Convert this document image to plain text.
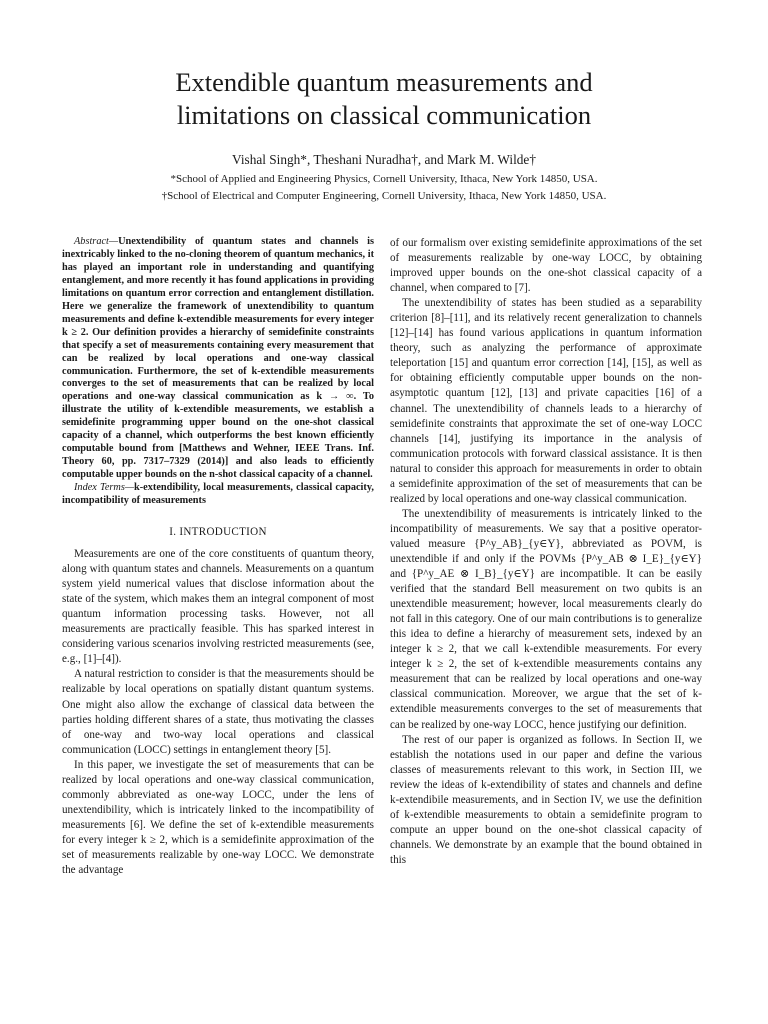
Extendible quantum measurements and
limitations on classical communication
Vishal Singh*, Theshani Nuradha†, and Mark M. Wilde†
*School of Applied and Engineering Physics, Cornell University, Ithaca, New York 14850, USA.
†School of Electrical and Computer Engineering, Cornell University, Ithaca, New York 14850, USA.

Abstract—Unextendibility of quantum states and channels is inextricably linked to the no-cloning theorem of quantum mechanics, it has played an important role in understanding and quantifying entanglement, and more recently it has found applications in providing limitations on quantum error correction and entanglement distillation. Here we generalize the framework of unextendibility to quantum measurements and define k-extendible measurements for every integer k ≥ 2. Our definition provides a hierarchy of semidefinite constraints that specify a set of measurements containing every measurement that can be realized by local operations and one-way classical communication. Furthermore, the set of k-extendible measurements converges to the set of measurements that can be realized by local operations and one-way classical communication as k → ∞. To illustrate the utility of k-extendible measurements, we establish a semidefinite programming upper bound on the one-shot classical capacity of a channel, which outperforms the best known efficiently computable bound from [Matthews and Wehner, IEEE Trans. Inf. Theory 60, pp. 7317–7329 (2014)] and also leads to efficiently computable upper bounds on the n-shot classical capacity of a channel.

Index Terms—k-extendibility, local measurements, classical capacity, incompatibility of measurements

I. INTRODUCTION

Measurements are one of the core constituents of quantum theory, along with quantum states and channels. Measurements on a quantum system yield numerical values that disclose information about the state of the system, which makes them an integral component of most quantum information processing tasks. However, not all measurements are practically feasible. This has sparked interest in considering various scenarios involving restricted measurements (see, e.g., [1]–[4]).

A natural restriction to consider is that the measurements should be realizable by local operations on spatially distant quantum systems. One might also allow the exchange of classical data between the parties holding different shares of a state, thus motivating the classes of one-way and two-way local operations and classical communication (LOCC) settings in entanglement theory [5].

In this paper, we investigate the set of measurements that can be realized by local operations and one-way classical communication, commonly abbreviated as one-way LOCC, under the lens of unextendibility, which is intricately linked to the incompatibility of measurements [6]. We define the set of k-extendible measurements for every integer k ≥ 2, which is a semidefinite approximation of the set of measurements realizable by one-way LOCC. We demonstrate the advantage

of our formalism over existing semidefinite approximations of the set of measurements realizable by one-way LOCC, by obtaining improved upper bounds on the one-shot classical capacity of a channel, when compared to [7].

The unextendibility of states has been studied as a separability criterion [8]–[11], and its relatively recent generalization to channels [12]–[14] has found various applications in quantum information theory, such as analyzing the performance of approximate teleportation [15] and quantum error correction [14], [15], as well as for obtaining efficiently computable upper bounds on the non-asymptotic quantum [12], [13] and private capacities [16] of a channel. The unextendibility of channels leads to a hierarchy of semidefinite constraints that approximate the set of one-way LOCC channels [14], justifying its importance in the analysis of communication protocols with forward classical assistance. It is then natural to consider this approach for measurements in order to obtain a semidefinite approximation of the set of measurements that can be realized by local operations and one-way classical communication.

The unextendibility of measurements is intricately linked to the incompatibility of measurements. We say that a positive operator-valued measure {P^y_AB}_{y∈Y}, abbreviated as POVM, is unextendible if and only if the POVMs {P^y_AB ⊗ I_E}_{y∈Y} and {P^y_AE ⊗ I_B}_{y∈Y} are incompatible. It can be easily verified that the standard Bell measurement on two qubits is an unextendible measurement; however, local measurements clearly do not fall in this category. One of our main contributions is to generalize this idea to define a hierarchy of measurement sets, indexed by an integer k ≥ 2, that we call k-extendible measurements. For every integer k ≥ 2, the set of k-extendible measurements contains any measurement that can be realized by local operations and one-way classical communication. Moreover, we argue that the set of k-extendible measurements converges to the set of measurements that can be realized by one-way LOCC, hence justifying our definition.

The rest of our paper is organized as follows. In Section II, we establish the notations used in our paper and define the various classes of measurements relevant to this work, in Section III, we review the ideas of k-extendibility of states and channels and define k-extendibile measurements, and in Section IV, we use the definition of k-extendible measurements to obtain a semidefinite program to compute an upper bound on the one-shot classical capacity of channels. We demonstrate by an example that the bound obtained in this
